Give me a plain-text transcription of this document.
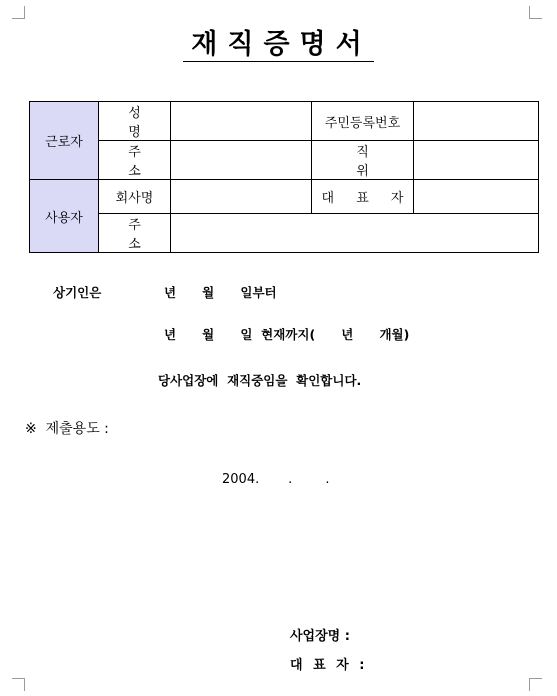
재직증명서
근로자	성 명		주민등록번호	
	주 소		직 위	
사용자	회사명		대 표 자	
	주 소			
상기인은	년      월      일부터
년      월      일  현재까지(      년      개월)
당사업장에  재직중임을  확인합니다.
※  제출용도 :
2004.       .        .
사업장명 :
대 표 자 :
